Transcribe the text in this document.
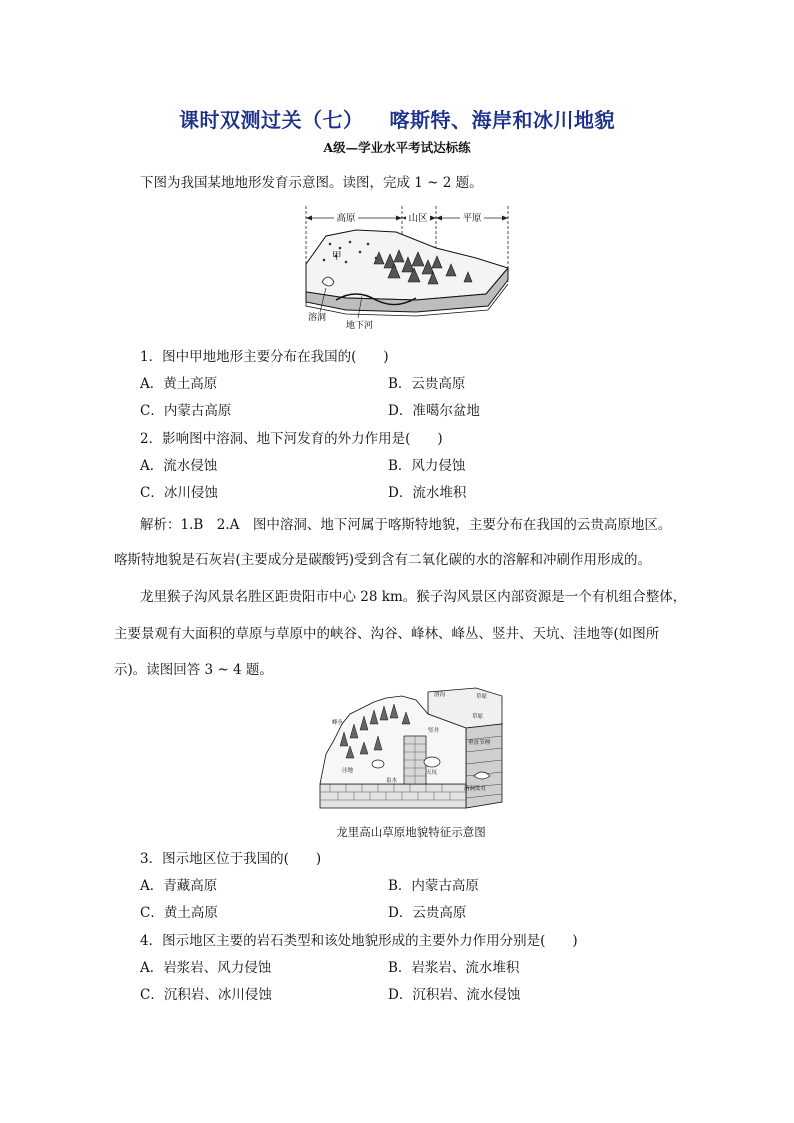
课时双测过关（七） 喀斯特、海岸和冰川地貌
A级—学业水平考试达标练
下图为我国某地地形发育示意图。读图，完成 1 ~ 2 题。
高原	山区	平原
甲
溶洞
地下河
1．图中甲地地形主要分布在我国的(　　)
A．黄土高原	B．云贵高原
C．内蒙古高原	D．准噶尔盆地
2．影响图中溶洞、地下河发育的外力作用是(　　)
A．流水侵蚀	B．风力侵蚀
C．冰川侵蚀	D．流水堆积
解析：1.B　2.A　图中溶洞、地下河属于喀斯特地貌，主要分布在我国的云贵高原地区。
喀斯特地貌是石灰岩(主要成分是碳酸钙)受到含有二氧化碳的水的溶解和冲刷作用形成的。
龙里猴子沟风景名胜区距贵阳市中心 28 km。猴子沟风景区内部资源是一个有机组合整体，
主要景观有大面积的草原与草原中的峡谷、沟谷、峰林、峰丛、竖井、天坑、洼地等(如图所
示)。读图回答 3 ~ 4 题。
溶沟	草原
草原
峰丛
竖井
天坑
洼地
溶洞发育
泉水
垂直节理
龙里高山草原地貌特征示意图
3．图示地区位于我国的(　　)
A．青藏高原	B．内蒙古高原
C．黄土高原	D．云贵高原
4．图示地区主要的岩石类型和该处地貌形成的主要外力作用分别是(　　)
A．岩浆岩、风力侵蚀	B．岩浆岩、流水堆积
C．沉积岩、冰川侵蚀	D．沉积岩、流水侵蚀
